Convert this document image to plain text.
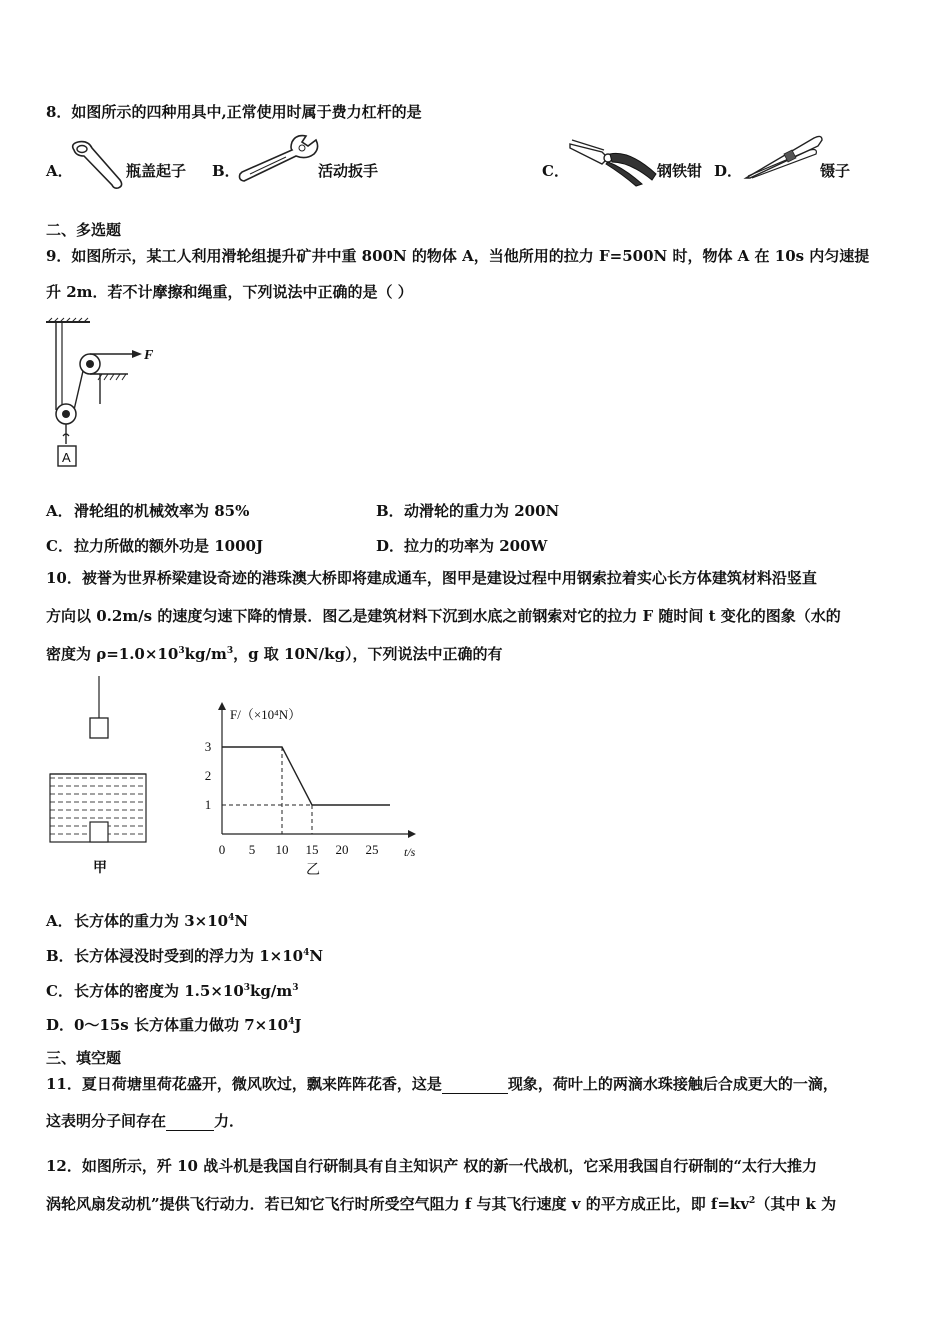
8．如图所示的四种用具中,正常使用时属于费力杠杆的是
A．	瓶盖起子 B．	活动扳手	C．	钢铁钳 D．	镊子
二、多选题
9．如图所示，某工人利用滑轮组提升矿井中重 800N 的物体 A，当他所用的拉力 F=500N 时，物体 A 在 10s 内匀速提
升 2m．若不计摩擦和绳重，下列说法中正确的是（ ）
F
A
A． 滑轮组的机械效率为 85%	B． 动滑轮的重力为 200N
C． 拉力所做的额外功是 1000J	D． 拉力的功率为 200W
10．被誉为世界桥梁建设奇迹的港珠澳大桥即将建成通车，图甲是建设过程中用钢索拉着实心长方体建筑材料沿竖直
方向以 0.2m/s 的速度匀速下降的情景．图乙是建筑材料下沉到水底之前钢索对它的拉力 F 随时间 t 变化的图象（水的
密度为 $\rho=1.0\times 10^3kg/m^3$，g 取 10N/kg），下列说法中正确的有
甲
F/（×10⁴N）
t/s
0 5 10 15 20 25
1
2
3
乙
A． 长方体的重力为 $3\times 10^4N$
B． 长方体浸没时受到的浮力为 $1\times 10^4N$
C． 长方体的密度为 $1.5\times 10^3kg/m^3$
D． 0～15s 长方体重力做功 $7\times 10^4J$
三、填空题
11．夏日荷塘里荷花盛开，微风吹过，飘来阵阵花香，这是	现象，荷叶上的两滴水珠接触后合成更大的一滴，
这表明分子间存在	力．
12．如图所示，歼 10 战斗机是我国自行研制具有自主知识产 权的新一代战机，它采用我国自行研制的“太行大推力
涡轮风扇发动机”提供飞行动力．若已知它飞行时所受空气阻力 f 与其飞行速度 v 的平方成正比，即 $f=kv^2$（其中 k 为
